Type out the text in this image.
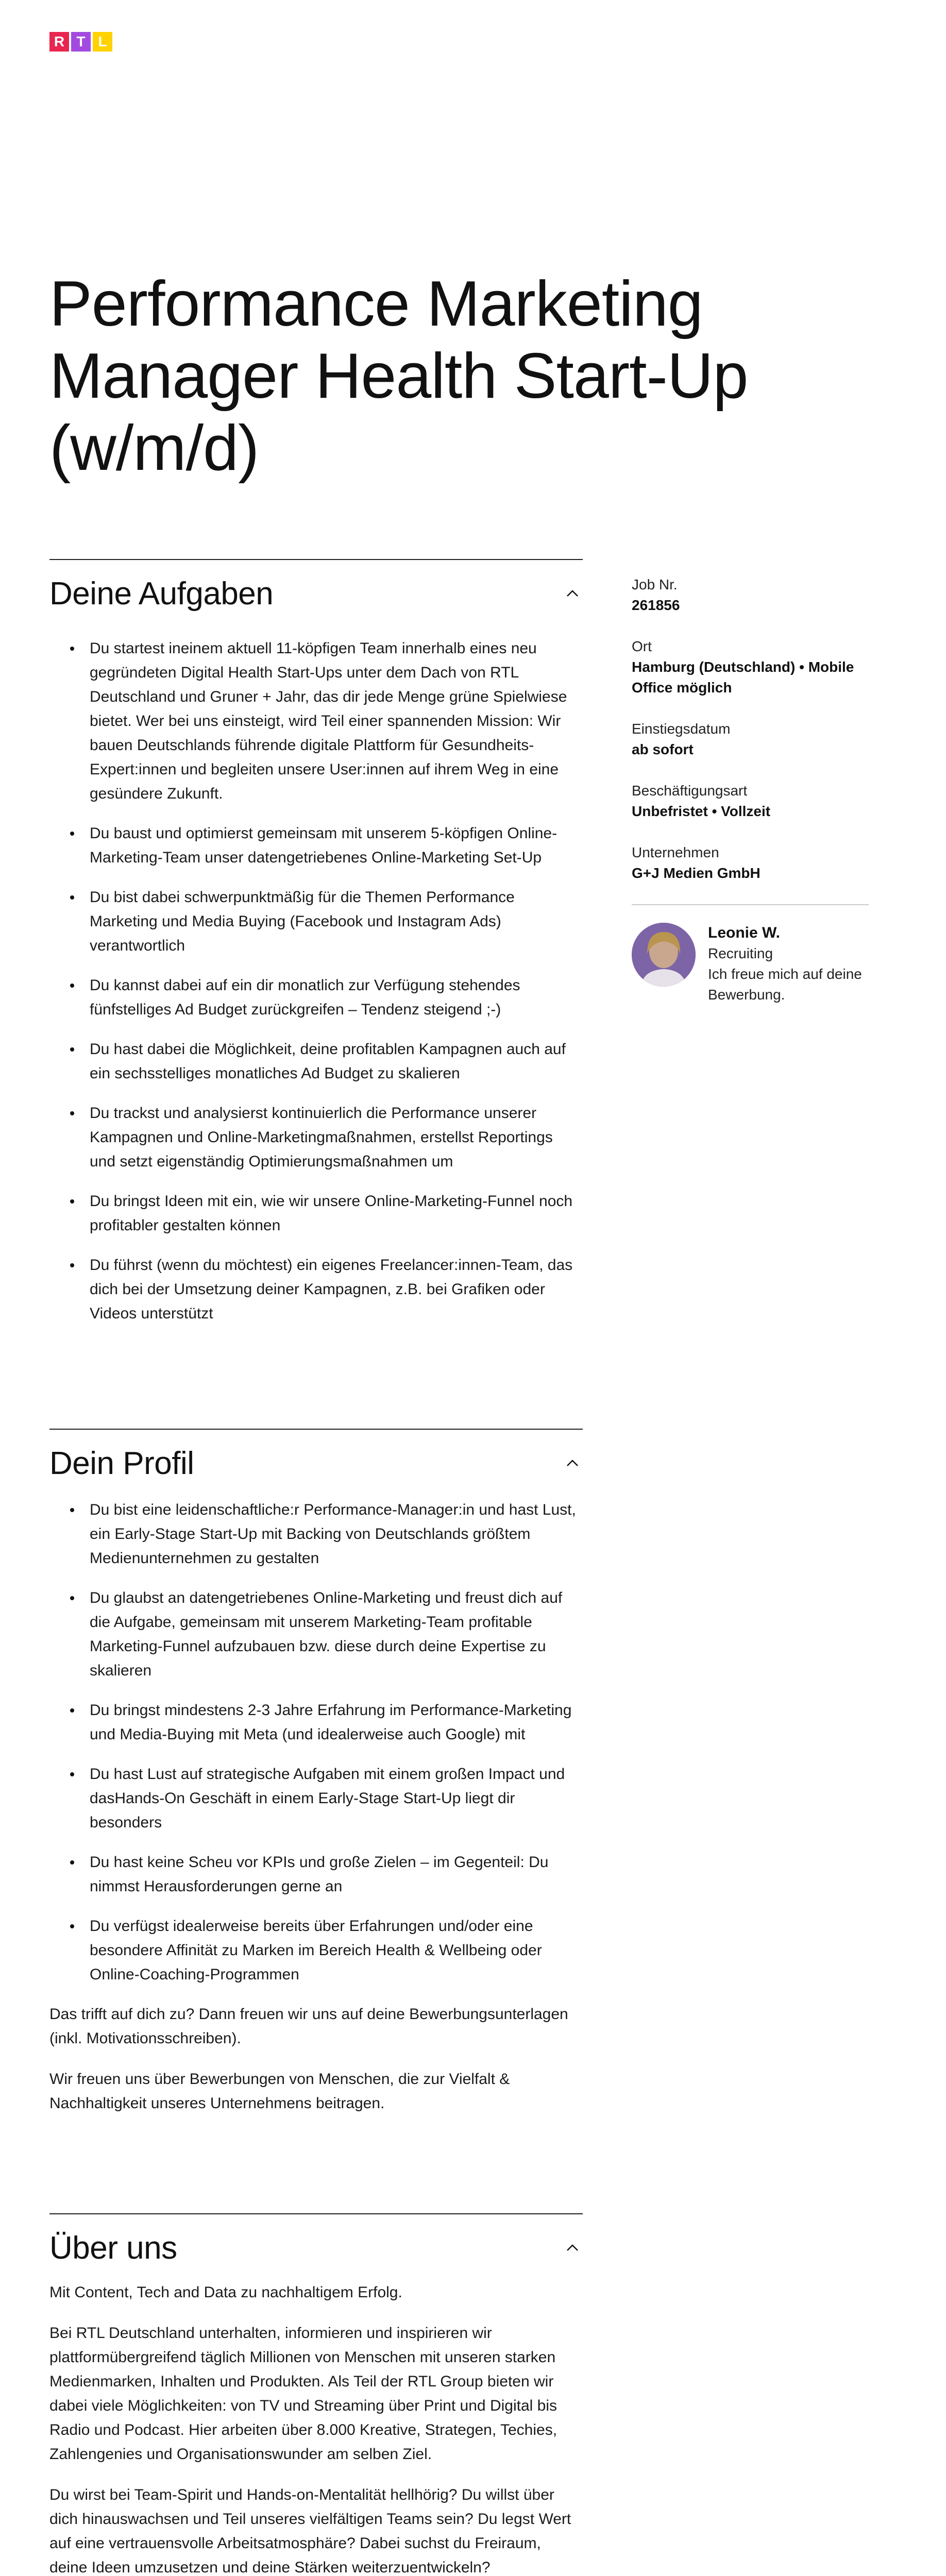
R T L
Performance Marketing Manager Health Start-Up (w/m/d)
Deine Aufgaben
Du startest ineinem aktuell 11-köpfigen Team innerhalb eines neu gegründeten Digital Health Start-Ups unter dem Dach von RTL Deutschland und Gruner + Jahr, das dir jede Menge grüne Spielwiese bietet. Wer bei uns einsteigt, wird Teil einer spannenden Mission: Wir bauen Deutschlands führende digitale Plattform für Gesundheits-Expert:innen und begleiten unsere User:innen auf ihrem Weg in eine gesündere Zukunft.
Du baust und optimierst gemeinsam mit unserem 5-köpfigen Online-Marketing-Team unser datengetriebenes Online-Marketing Set-Up
Du bist dabei schwerpunktmäßig für die Themen Performance Marketing und Media Buying (Facebook und Instagram Ads) verantwortlich
Du kannst dabei auf ein dir monatlich zur Verfügung stehendes fünfstelliges Ad Budget zurückgreifen – Tendenz steigend ;-)
Du hast dabei die Möglichkeit, deine profitablen Kampagnen auch auf ein sechsstelliges monatliches Ad Budget zu skalieren
Du trackst und analysierst kontinuierlich die Performance unserer Kampagnen und Online-Marketingmaßnahmen, erstellst Reportings und setzt eigenständig Optimierungsmaßnahmen um
Du bringst Ideen mit ein, wie wir unsere Online-Marketing-Funnel noch profitabler gestalten können
Du führst (wenn du möchtest) ein eigenes Freelancer:innen-Team, das dich bei der Umsetzung deiner Kampagnen, z.B. bei Grafiken oder Videos unterstützt
Dein Profil
Du bist eine leidenschaftliche:r Performance-Manager:in und hast Lust, ein Early-Stage Start-Up mit Backing von Deutschlands größtem Medienunternehmen zu gestalten
Du glaubst an datengetriebenes Online-Marketing und freust dich auf die Aufgabe, gemeinsam mit unserem Marketing-Team profitable Marketing-Funnel aufzubauen bzw. diese durch deine Expertise zu skalieren
Du bringst mindestens 2-3 Jahre Erfahrung im Performance-Marketing und Media-Buying mit Meta (und idealerweise auch Google) mit
Du hast Lust auf strategische Aufgaben mit einem großen Impact und dasHands-On Geschäft in einem Early-Stage Start-Up liegt dir besonders
Du hast keine Scheu vor KPIs und große Zielen – im Gegenteil: Du nimmst Herausforderungen gerne an
Du verfügst idealerweise bereits über Erfahrungen und/oder eine besondere Affinität zu Marken im Bereich Health & Wellbeing oder Online-Coaching-Programmen

Das trifft auf dich zu? Dann freuen wir uns auf deine Bewerbungsunterlagen (inkl. Motivationsschreiben).

Wir freuen uns über Bewerbungen von Menschen, die zur Vielfalt & Nachhaltigkeit unseres Unternehmens beitragen.

Über uns

Mit Content, Tech and Data zu nachhaltigem Erfolg.

Bei RTL Deutschland unterhalten, informieren und inspirieren wir plattformübergreifend täglich Millionen von Menschen mit unseren starken Medienmarken, Inhalten und Produkten. Als Teil der RTL Group bieten wir dabei viele Möglichkeiten: von TV und Streaming über Print und Digital bis Radio und Podcast. Hier arbeiten über 8.000 Kreative, Strategen, Techies, Zahlengenies und Organisationswunder am selben Ziel.

Du wirst bei Team-Spirit und Hands-on-Mentalität hellhörig? Du willst über dich hinauswachsen und Teil unseres vielfältigen Teams sein? Du legst Wert auf eine vertrauensvolle Arbeitsatmosphäre? Dabei suchst du Freiraum, deine Ideen umzusetzen und deine Stärken weiterzuentwickeln?

Job Nr.
261856
Ort
Hamburg (Deutschland) • Mobile Office möglich
Einstiegsdatum
ab sofort
Beschäftigungsart
Unbefristet • Vollzeit
Unternehmen
G+J Medien GmbH
Leonie W.
Recruiting
Ich freue mich auf deine Bewerbung.
